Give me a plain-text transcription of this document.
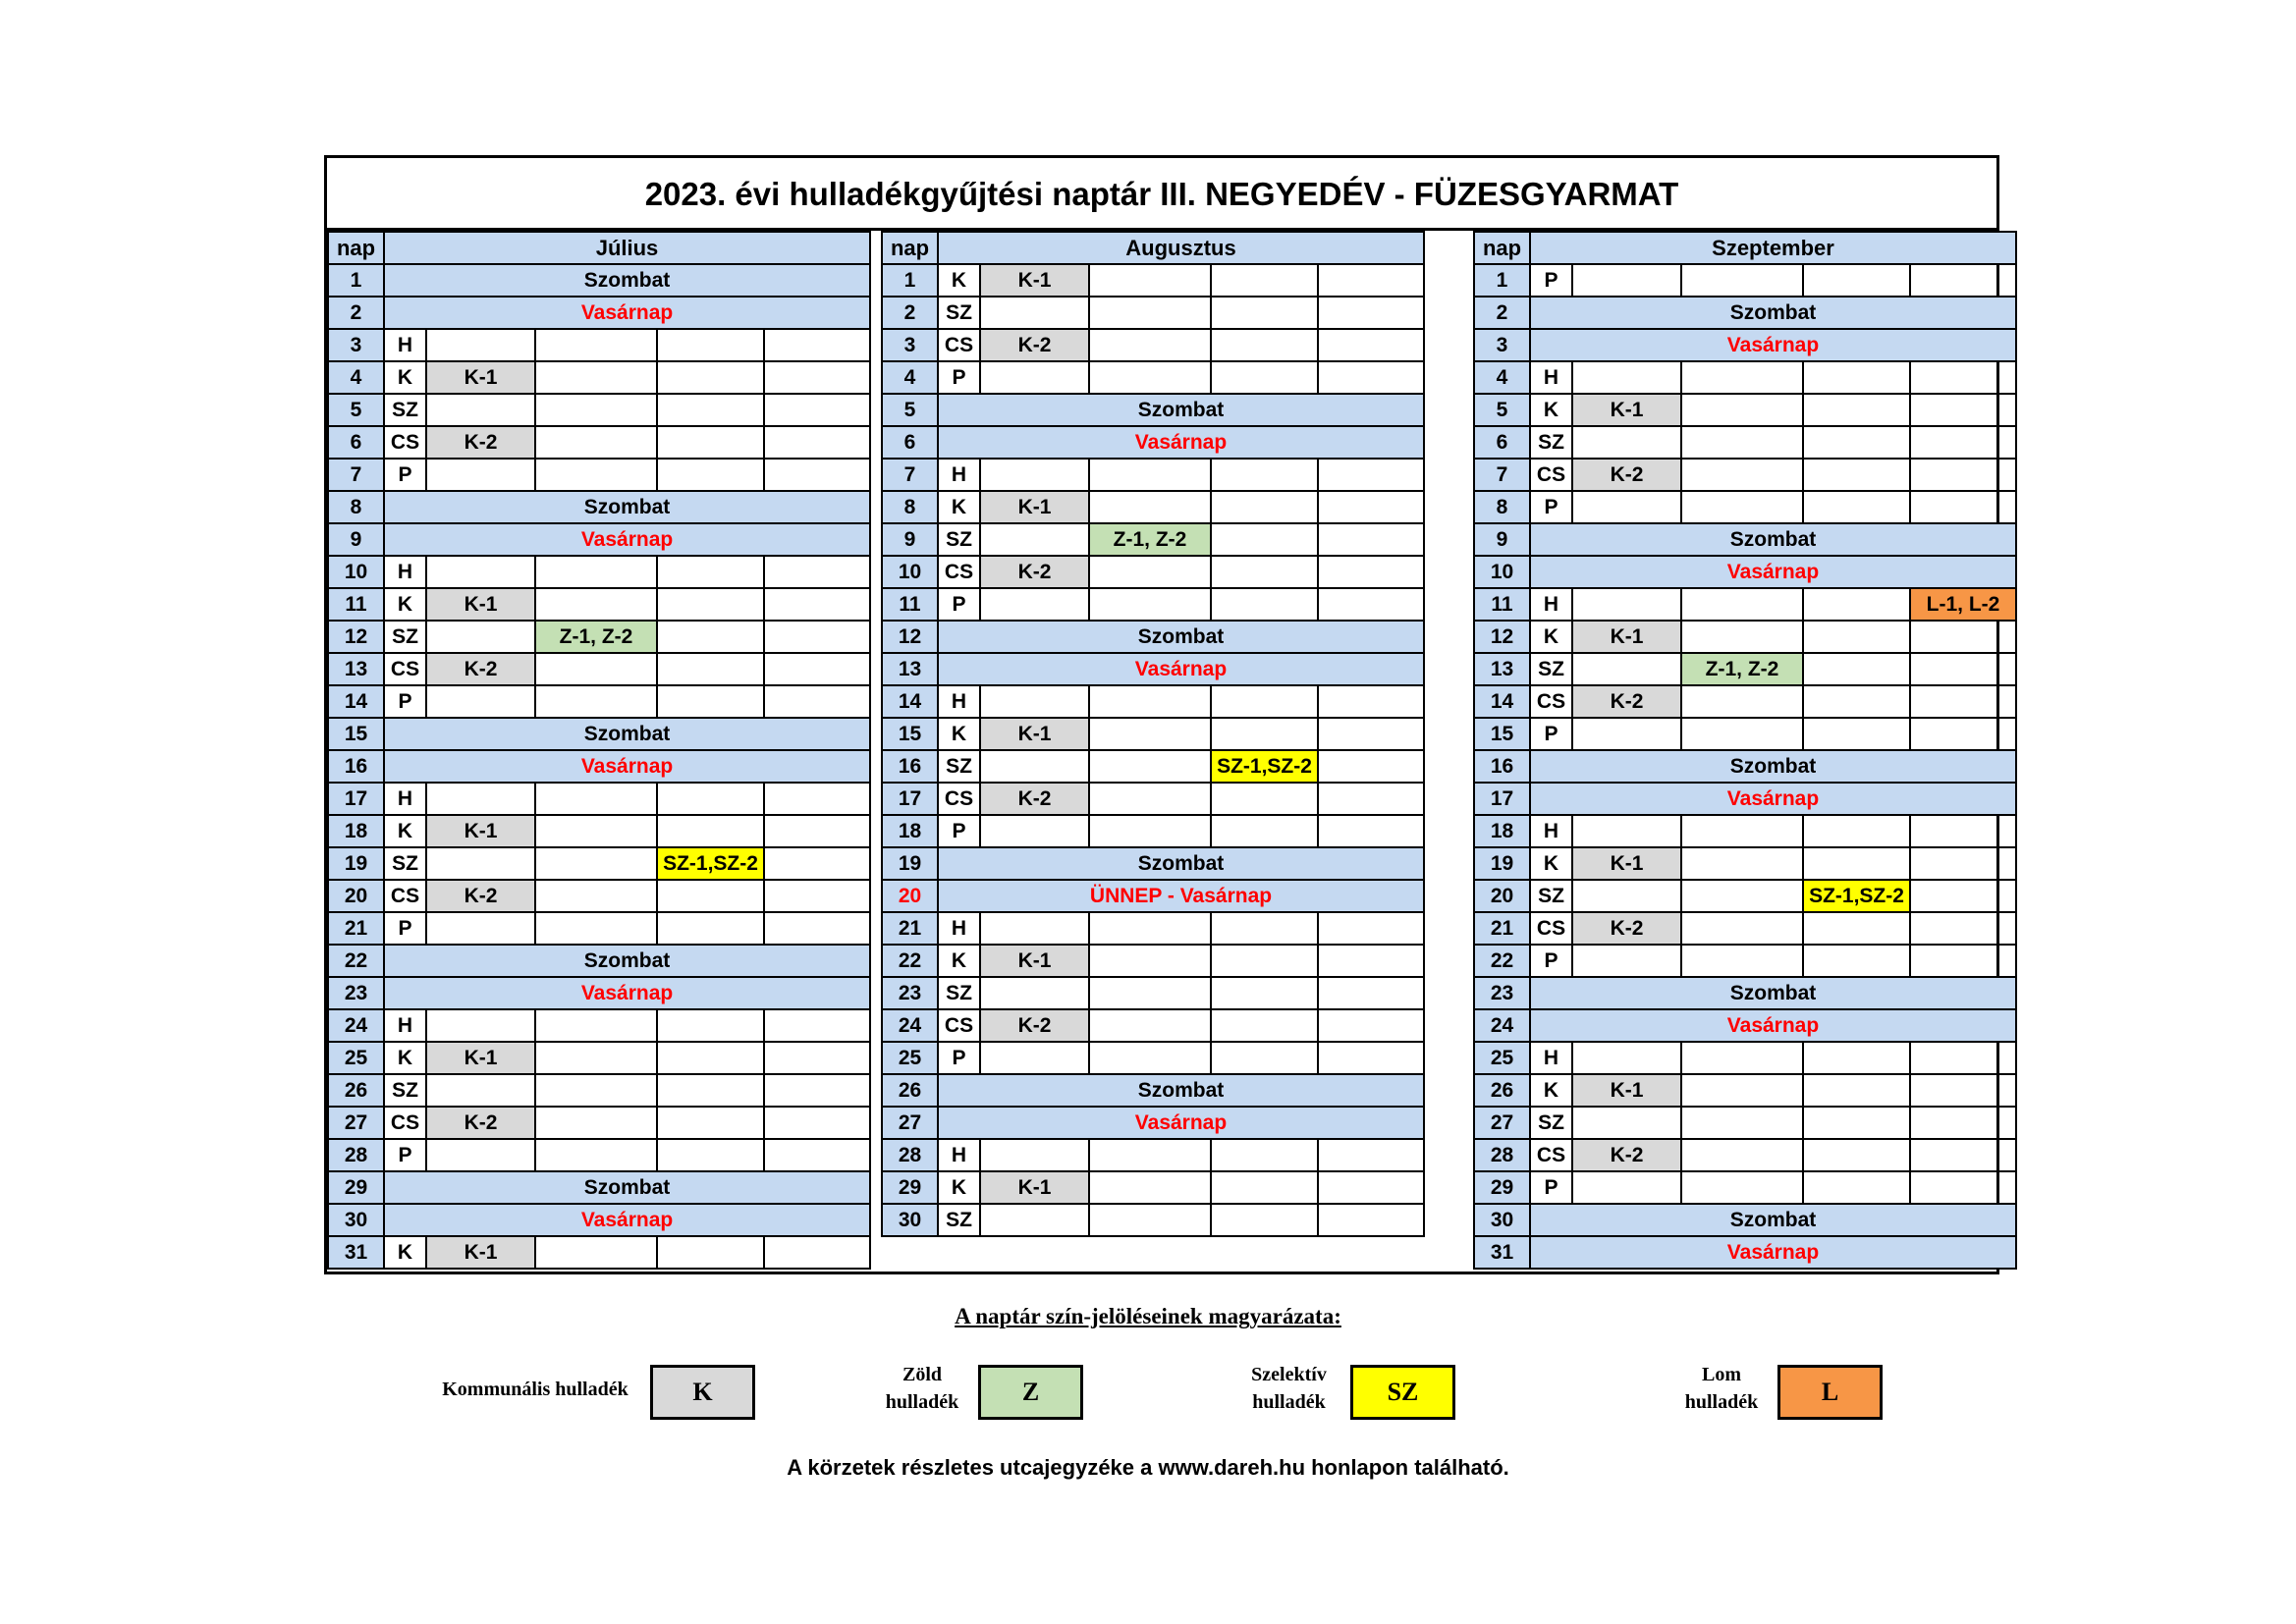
2023. évi hulladékgyűjtési naptár III. NEGYEDÉV - FÜZESGYARMAT
nap	Július				
1	Szombat				
2	Vasárnap				
3	H				
4	K	K-1			
5	SZ				
6	CS	K-2			
7	P				
8	Szombat				
9	Vasárnap				
10	H				
11	K	K-1			
12	SZ		Z-1, Z-2		
13	CS	K-2			
14	P				
15	Szombat				
16	Vasárnap				
17	H				
18	K	K-1			
19	SZ			SZ-1,SZ-2	
20	CS	K-2			
21	P				
22	Szombat				
23	Vasárnap				
24	H				
25	K	K-1			
26	SZ				
27	CS	K-2			
28	P				
29	Szombat				
30	Vasárnap				
31	K	K-1			
nap	Augusztus				
1	K	K-1			
2	SZ				
3	CS	K-2			
4	P				
5	Szombat				
6	Vasárnap				
7	H				
8	K	K-1			
9	SZ		Z-1, Z-2		
10	CS	K-2			
11	P				
12	Szombat				
13	Vasárnap				
14	H				
15	K	K-1			
16	SZ			SZ-1,SZ-2	
17	CS	K-2			
18	P				
19	Szombat				
20	ÜNNEP - Vasárnap				
21	H				
22	K	K-1			
23	SZ				
24	CS	K-2			
25	P				
26	Szombat				
27	Vasárnap				
28	H				
29	K	K-1			
30	SZ				
nap	Szeptember				
1	P				
2	Szombat				
3	Vasárnap				
4	H				
5	K	K-1			
6	SZ				
7	CS	K-2			
8	P				
9	Szombat				
10	Vasárnap				
11	H				L-1, L-2
12	K	K-1			
13	SZ		Z-1, Z-2		
14	CS	K-2			
15	P				
16	Szombat				
17	Vasárnap				
18	H				
19	K	K-1			
20	SZ			SZ-1,SZ-2	
21	CS	K-2			
22	P				
23	Szombat				
24	Vasárnap				
25	H				
26	K	K-1			
27	SZ				
28	CS	K-2			
29	P				
30	Szombat				
31	Vasárnap				
A naptár szín-jelöléseinek magyarázata:
Kommunális hulladék	K
Zöld
hulladék	Z
Szelektív
hulladék	SZ
Lom
hulladék	L
A körzetek részletes utcajegyzéke a www.dareh.hu honlapon található.
